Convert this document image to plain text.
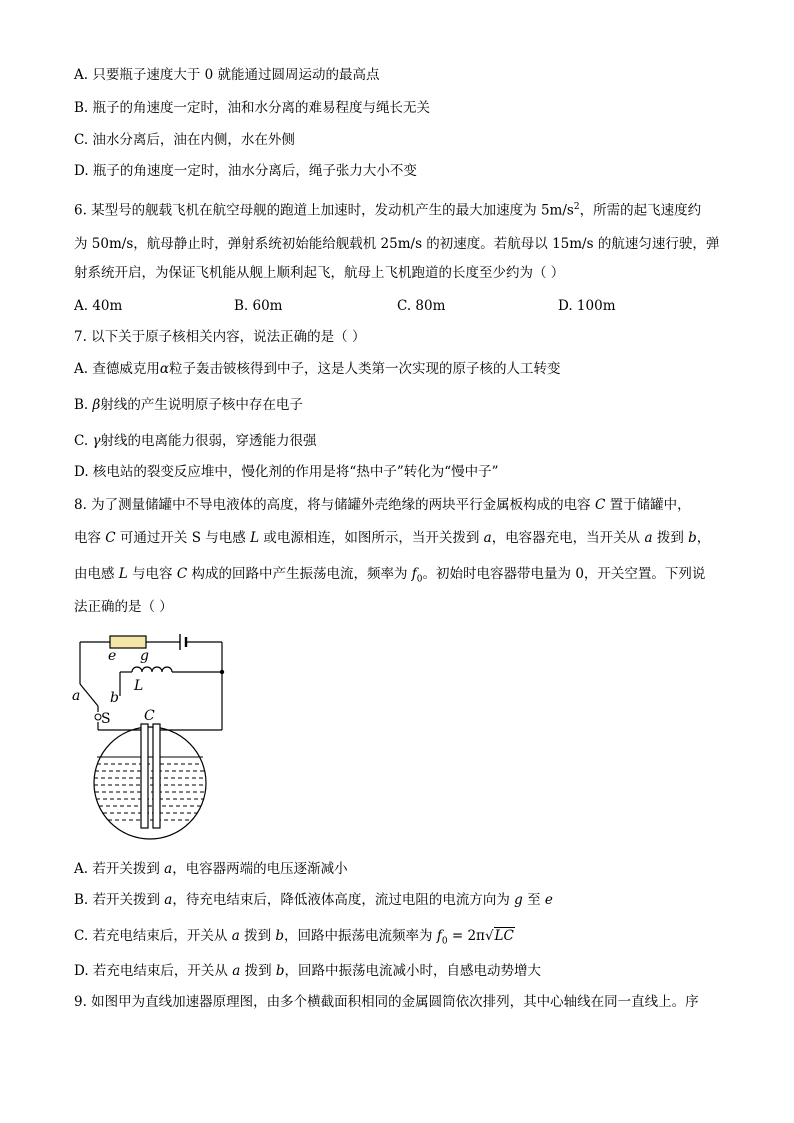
A. 只要瓶子速度大于 0 就能通过圆周运动的最高点
B. 瓶子的角速度一定时，油和水分离的难易程度与绳长无关
C. 油水分离后，油在内侧，水在外侧
D. 瓶子的角速度一定时，油水分离后，绳子张力大小不变
6. 某型号的舰载飞机在航空母舰的跑道上加速时，发动机产生的最大加速度为 $5m/s^2$，所需的起飞速度约
为 50m/s，航母静止时，弹射系统初始能给舰载机 25m/s 的初速度。若航母以 15m/s 的航速匀速行驶，弹
射系统开启，为保证飞机能从舰上顺利起飞，航母上飞机跑道的长度至少约为（ ）
A. 40m	B. 60m	C. 80m	D. 100m
7. 以下关于原子核相关内容，说法正确的是（ ）
A. 查德威克用α粒子轰击铍核得到中子，这是人类第一次实现的原子核的人工转变
B. β射线的产生说明原子核中存在电子
C. γ射线的电离能力很弱，穿透能力很强
D. 核电站的裂变反应堆中，慢化剂的作用是将“热中子”转化为“慢中子”
8. 为了测量储罐中不导电液体的高度，将与储罐外壳绝缘的两块平行金属板构成的电容 C 置于储罐中，
电容 C 可通过开关 S 与电感 L 或电源相连，如图所示，当开关拨到 a，电容器充电，当开关从 a 拨到 b，
由电感 L 与电容 C 构成的回路中产生振荡电流，频率为 $f_0$。初始时电容器带电量为 0，开关空置。下列说
法正确的是（ ）
e g
L
a b
C
S
A. 若开关拨到 a，电容器两端的电压逐渐减小
B. 若开关拨到 a，待充电结束后，降低液体高度，流过电阻的电流方向为 g 至 e
C. 若充电结束后，开关从 a 拨到 b，回路中振荡电流频率为 $f_0 = 2\pi√LC$
D. 若充电结束后，开关从 a 拨到 b，回路中振荡电流减小时，自感电动势增大
9. 如图甲为直线加速器原理图，由多个横截面积相同的金属圆筒依次排列，其中心轴线在同一直线上。序
